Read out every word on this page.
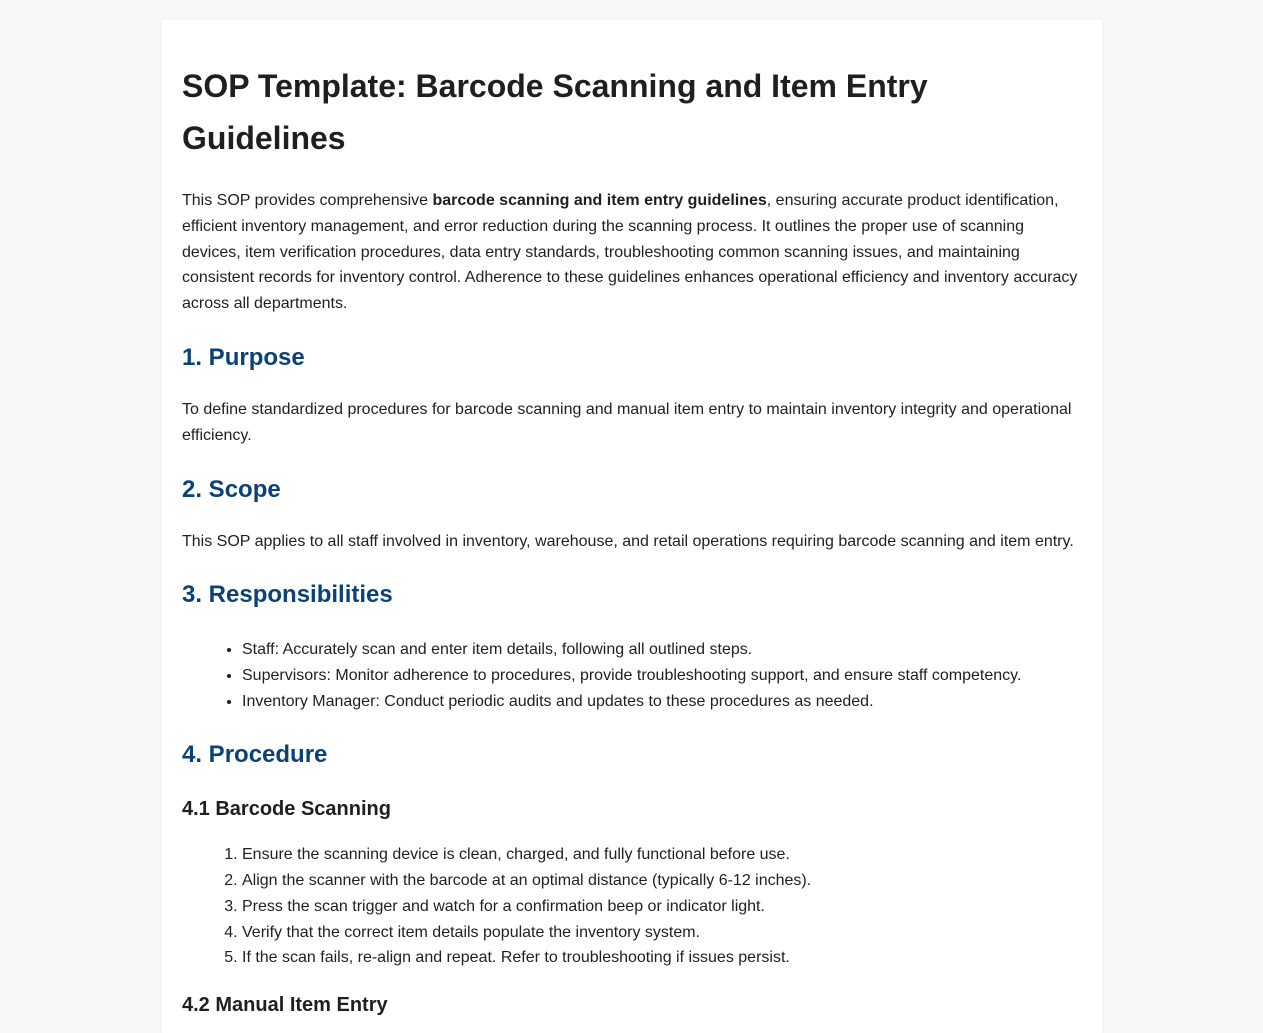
SOP Template: Barcode Scanning and Item Entry Guidelines

This SOP provides comprehensive barcode scanning and item entry guidelines, ensuring accurate product identification, efficient inventory management, and error reduction during the scanning process. It outlines the proper use of scanning devices, item verification procedures, data entry standards, troubleshooting common scanning issues, and maintaining consistent records for inventory control. Adherence to these guidelines enhances operational efficiency and inventory accuracy across all departments.

1. Purpose

To define standardized procedures for barcode scanning and manual item entry to maintain inventory integrity and operational efficiency.

2. Scope

This SOP applies to all staff involved in inventory, warehouse, and retail operations requiring barcode scanning and item entry.

3. Responsibilities
• Staff: Accurately scan and enter item details, following all outlined steps.
• Supervisors: Monitor adherence to procedures, provide troubleshooting support, and ensure staff competency.
• Inventory Manager: Conduct periodic audits and updates to these procedures as needed.
4. Procedure
4.1 Barcode Scanning
1. Ensure the scanning device is clean, charged, and fully functional before use.
2. Align the scanner with the barcode at an optimal distance (typically 6-12 inches).
3. Press the scan trigger and watch for a confirmation beep or indicator light.
4. Verify that the correct item details populate the inventory system.
5. If the scan fails, re-align and repeat. Refer to troubleshooting if issues persist.
4.2 Manual Item Entry
